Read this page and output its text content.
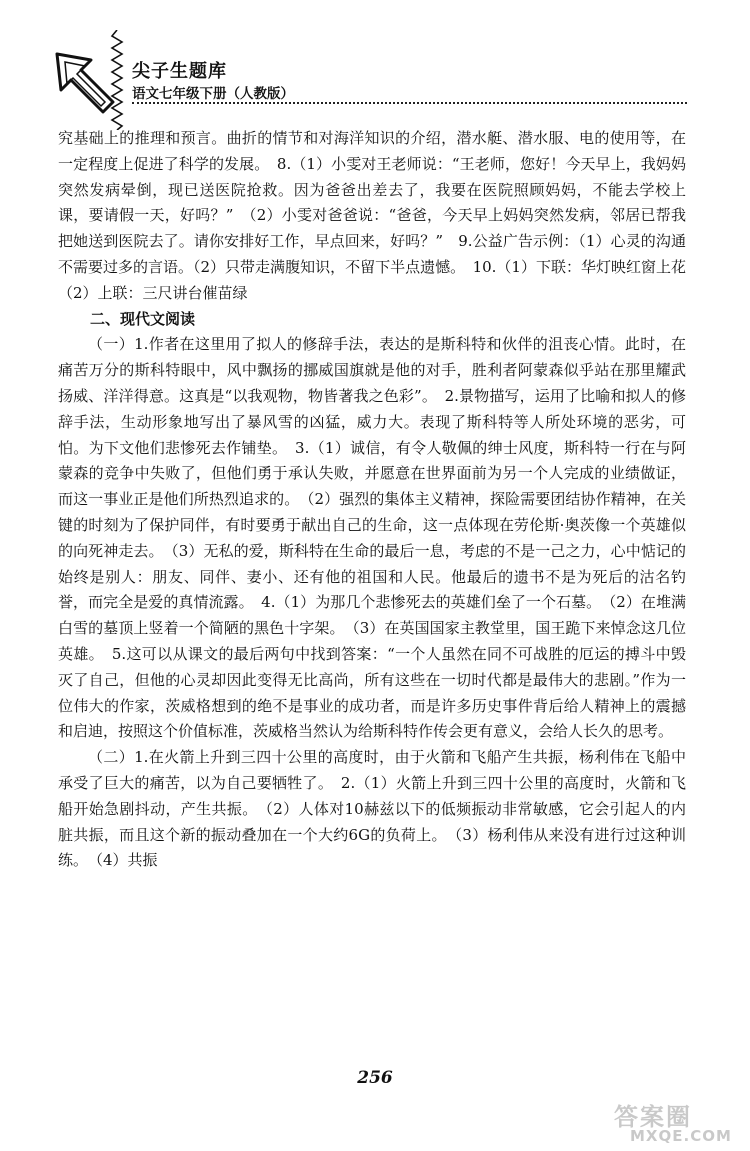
尖子生题库
语文七年级下册（人教版）

究基础上的推理和预言。曲折的情节和对海洋知识的介绍，潜水艇、潜水服、电的使用等，在一定程度上促进了科学的发展。　8.（1）小雯对王老师说：“王老师，您好！今天早上，我妈妈突然发病晕倒，现已送医院抢救。因为爸爸出差去了，我要在医院照顾妈妈，不能去学校上课，要请假一天，好吗？”　（2）小雯对爸爸说：“爸爸，今天早上妈妈突然发病，邻居已帮我把她送到医院去了。请你安排好工作，早点回来，好吗？”　9.公益广告示例：（1）心灵的沟通不需要过多的言语。（2）只带走满腹知识，不留下半点遗憾。　10.（1）下联：华灯映红窗上花　（2）上联：三尺讲台催苗绿

二、现代文阅读

（一）1.作者在这里用了拟人的修辞手法，表达的是斯科特和伙伴的沮丧心情。此时，在痛苦万分的斯科特眼中，风中飘扬的挪威国旗就是他的对手，胜利者阿蒙森似乎站在那里耀武扬威、洋洋得意。这真是“以我观物，物皆著我之色彩”。　2.景物描写，运用了比喻和拟人的修辞手法，生动形象地写出了暴风雪的凶猛，威力大。表现了斯科特等人所处环境的恶劣，可怕。为下文他们悲惨死去作铺垫。　3.（1）诚信，有令人敬佩的绅士风度，斯科特一行在与阿蒙森的竞争中失败了，但他们勇于承认失败，并愿意在世界面前为另一个人完成的业绩做证，而这一事业正是他们所热烈追求的。　（2）强烈的集体主义精神，探险需要团结协作精神，在关键的时刻为了保护同伴，有时要勇于献出自己的生命，这一点体现在劳伦斯·奥茨像一个英雄似的向死神走去。　（3）无私的爱，斯科特在生命的最后一息，考虑的不是一己之力，心中惦记的始终是别人：朋友、同伴、妻小、还有他的祖国和人民。他最后的遗书不是为死后的沽名钓誉，而完全是爱的真情流露。　4.（1）为那几个悲惨死去的英雄们垒了一个石墓。　（2）在堆满白雪的墓顶上竖着一个简陋的黑色十字架。　（3）在英国国家主教堂里，国王跪下来悼念这几位英雄。　5.这可以从课文的最后两句中找到答案：“一个人虽然在同不可战胜的厄运的搏斗中毁灭了自己，但他的心灵却因此变得无比高尚，所有这些在一切时代都是最伟大的悲剧。”作为一位伟大的作家，茨威格想到的绝不是事业的成功者，而是许多历史事件背后给人精神上的震撼和启迪，按照这个价值标准，茨威格当然认为给斯科特作传会更有意义，会给人长久的思考。

（二）1.在火箭上升到三四十公里的高度时，由于火箭和飞船产生共振，杨利伟在飞船中承受了巨大的痛苦，以为自己要牺牲了。　2.（1）火箭上升到三四十公里的高度时，火箭和飞船开始急剧抖动，产生共振。　（2）人体对10赫兹以下的低频振动非常敏感，它会引起人的内脏共振，而且这个新的振动叠加在一个大约6G的负荷上。　（3）杨利伟从来没有进行过这种训练。　（4）共振

256
答案圈
MXQE.COM
